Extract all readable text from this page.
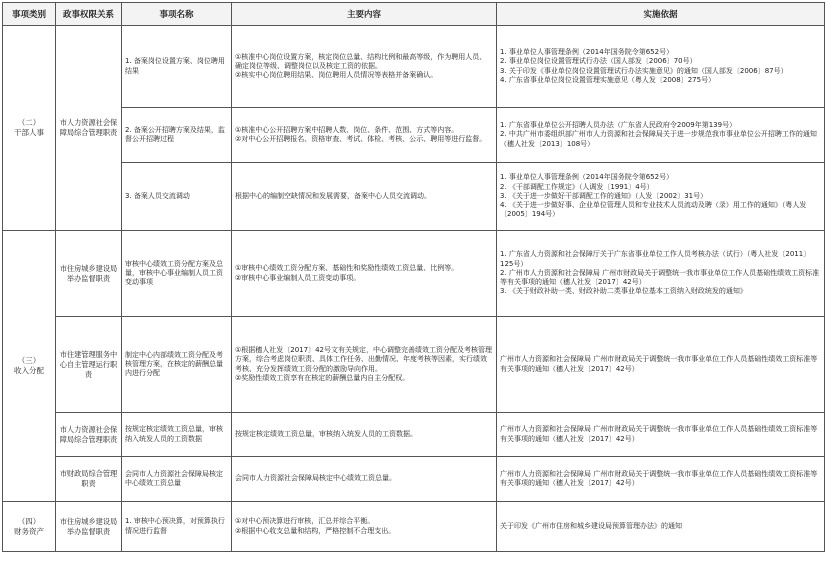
事项类别	政事权限关系	事项名称	主要内容	实施依据

（二）
干部人事	市人力资源社会保障局综合管理职责	1. 备案岗位设置方案、岗位聘用结果	①核准中心岗位设置方案，核定岗位总量、结构比例和最高等级，作为聘用人员、确定岗位等级、调整岗位以及核定工资的依据。
②核实中心岗位聘用结果、岗位聘用人员情况等表格并备案确认。	1. 事业单位人事管理条例（2014年国务院令第652号）
2. 事业单位岗位设置管理试行办法（国人部发〔2006〕70号）
3. 关于印发《事业单位岗位设置管理试行办法实施意见》的通知（国人部发〔2006〕87号）
4. 广东省事业单位岗位设置管理实施意见（粤人发〔2008〕275号）

		2. 备案公开招聘方案及结果，监督公开招聘过程	①核准中心公开招聘方案中招聘人数、岗位、条件、范围、方式等内容。
②对中心公开招聘报名、资格审查、考试、体检、考核、公示、聘用等进行监督。	1. 广东省事业单位公开招聘人员办法（广东省人民政府令2009年第139号）
2. 中共广州市委组织部广州市人力资源和社会保障局关于进一步规范我市事业单位公开招聘工作的通知（穗人社发〔2013〕108号）

		3. 备案人员交流调动	根据中心的编制空缺情况和发展需要，备案中心人员交流调动。	1. 事业单位人事管理条例（2014年国务院令第652号）
2. 《干部调配工作规定》（人调发〔1991〕4号）
3. 《关于进一步做好干部调配工作的通知》（人发〔2002〕31号）
4. 《关于进一步做好事、企业单位管理人员和专业技术人员流动及聘（录）用工作的通知》（粤人发〔2005〕194号）

（三）
收入分配	市住房城乡建设局举办监督职责	审核中心绩效工资分配方案及总量，审核中心事业编制人员工资变动事项	①审核中心绩效工资分配方案、基础性和奖励性绩效工资总量、比例等。
②审核中心事业编制人员工资变动事项。	1. 广东省人力资源和社会保障厅关于广东省事业单位工作人员考核办法（试行）（粤人社发〔2011〕125号）
2. 广州市人力资源和社会保障局 广州市财政局关于调整统一我市事业单位工作人员基础性绩效工资标准等有关事项的通知（穗人社发〔2017〕42号）
3. 《关于财政补助一类、财政补助二类事业单位基本工资纳入财政统发的通知》

	市住建管理服务中心自主管理运行职责	制定中心内部绩效工资分配及考核管理方案，在核定的薪酬总量内进行分配	①根据穗人社发〔2017〕42号文有关规定，中心调整完善绩效工资分配及考核管理方案，综合考虑岗位职责、具体工作任务、出勤情况、年度考核等因素，实行绩效考核、充分发挥绩效工资分配的激励导向作用。
②奖励性绩效工资享有在核定的薪酬总量内自主分配权。	广州市人力资源和社会保障局 广州市财政局关于调整统一我市事业单位工作人员基础性绩效工资标准等有关事项的通知（穗人社发〔2017〕42号）

	市人力资源社会保障局综合管理职责	按规定核定绩效工资总量，审核纳入统发人员的工资数据	按规定核定绩效工资总量，审核纳入统发人员的工资数据。	广州市人力资源和社会保障局 广州市财政局关于调整统一我市事业单位工作人员基础性绩效工资标准等有关事项的通知（穗人社发〔2017〕42号）

	市财政局综合管理职责	会同市人力资源社会保障局核定中心绩效工资总量	会同市人力资源社会保障局核定中心绩效工资总量。	广州市人力资源和社会保障局 广州市财政局关于调整统一我市事业单位工作人员基础性绩效工资标准等有关事项的通知（穗人社发〔2017〕42号）

（四）
财务资产	市住房城乡建设局举办监督职责	1. 审核中心预决算，对预算执行情况进行监督	①对中心预决算进行审核，汇总并综合平衡。
②根据中心收支总量和结构，严格控制不合理支出。	关于印发《广州市住房和城乡建设局预算管理办法》的通知
